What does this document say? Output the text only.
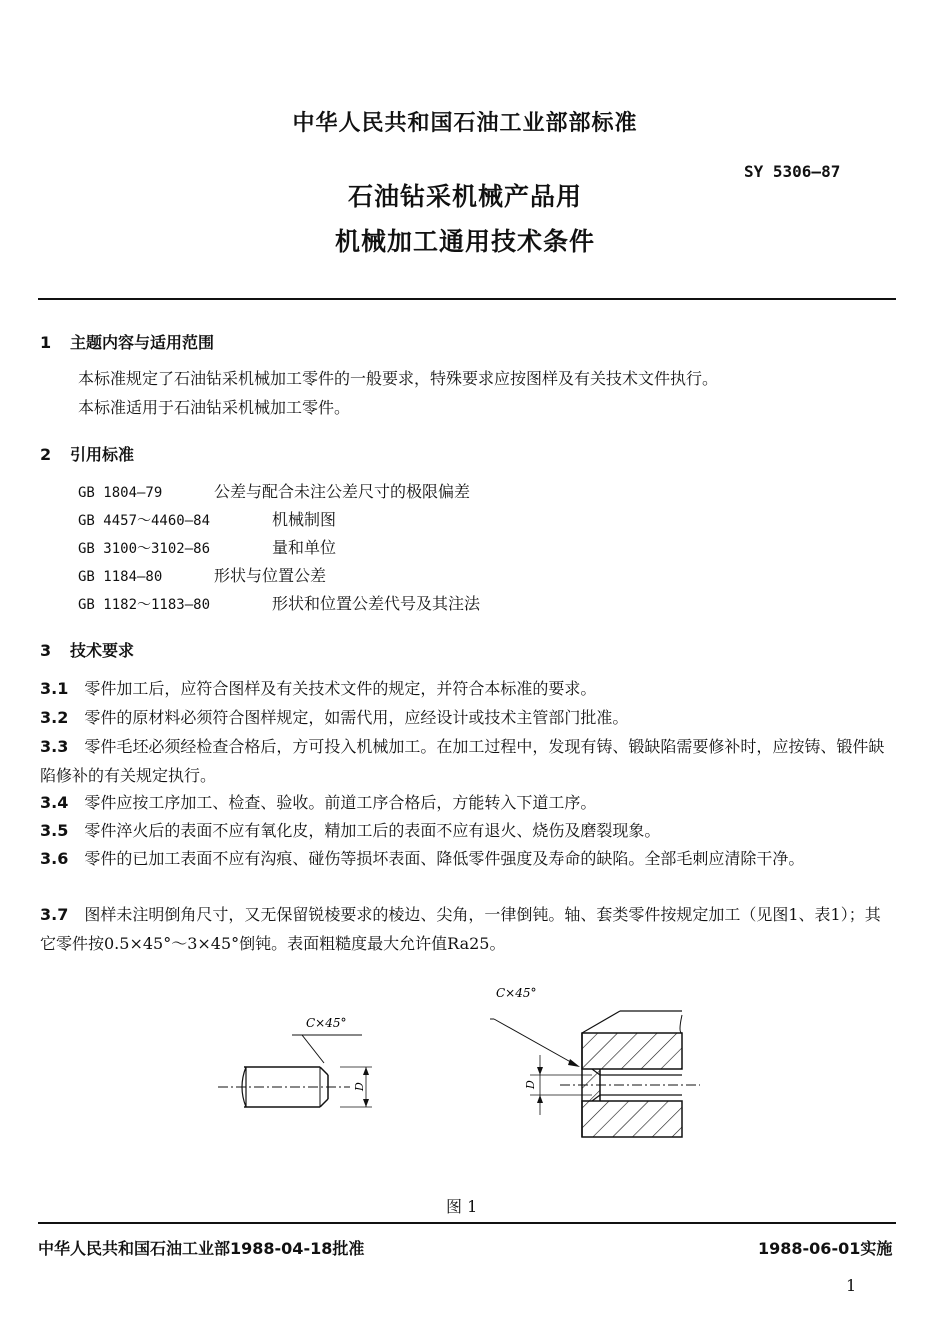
中华人民共和国石油工业部部标准
SY 5306—87
石油钻采机械产品用
机械加工通用技术条件
1 主题内容与适用范围
本标准规定了石油钻采机械加工零件的一般要求，特殊要求应按图样及有关技术文件执行。
本标准适用于石油钻采机械加工零件。
2 引用标准
GB 1804—79	公差与配合未注公差尺寸的极限偏差
GB 4457～4460—84	机械制图
GB 3100～3102—86	量和单位
GB 1184—80	形状与位置公差
GB 1182～1183—80	形状和位置公差代号及其注法
3 技术要求
3.1 零件加工后，应符合图样及有关技术文件的规定，并符合本标准的要求。
3.2 零件的原材料必须符合图样规定，如需代用，应经设计或技术主管部门批准。
3.3 零件毛坯必须经检查合格后，方可投入机械加工。在加工过程中，发现有铸、锻缺陷需要修补时，应按铸、锻件缺陷修补的有关规定执行。
3.4 零件应按工序加工、检查、验收。前道工序合格后，方能转入下道工序。
3.5 零件淬火后的表面不应有氧化皮，精加工后的表面不应有退火、烧伤及磨裂现象。
3.6 零件的已加工表面不应有沟痕、碰伤等损坏表面、降低零件强度及寿命的缺陷。全部毛刺应清除干净。
3.7 图样未注明倒角尺寸，又无保留锐棱要求的棱边、尖角，一律倒钝。轴、套类零件按规定加工（见图1、表1）；其它零件按0.5×45°～3×45°倒钝。表面粗糙度最大允许值Ra25。
C×45°
D
C×45°
D
图 1
中华人民共和国石油工业部1988-04-18批准	1988-06-01实施
1
